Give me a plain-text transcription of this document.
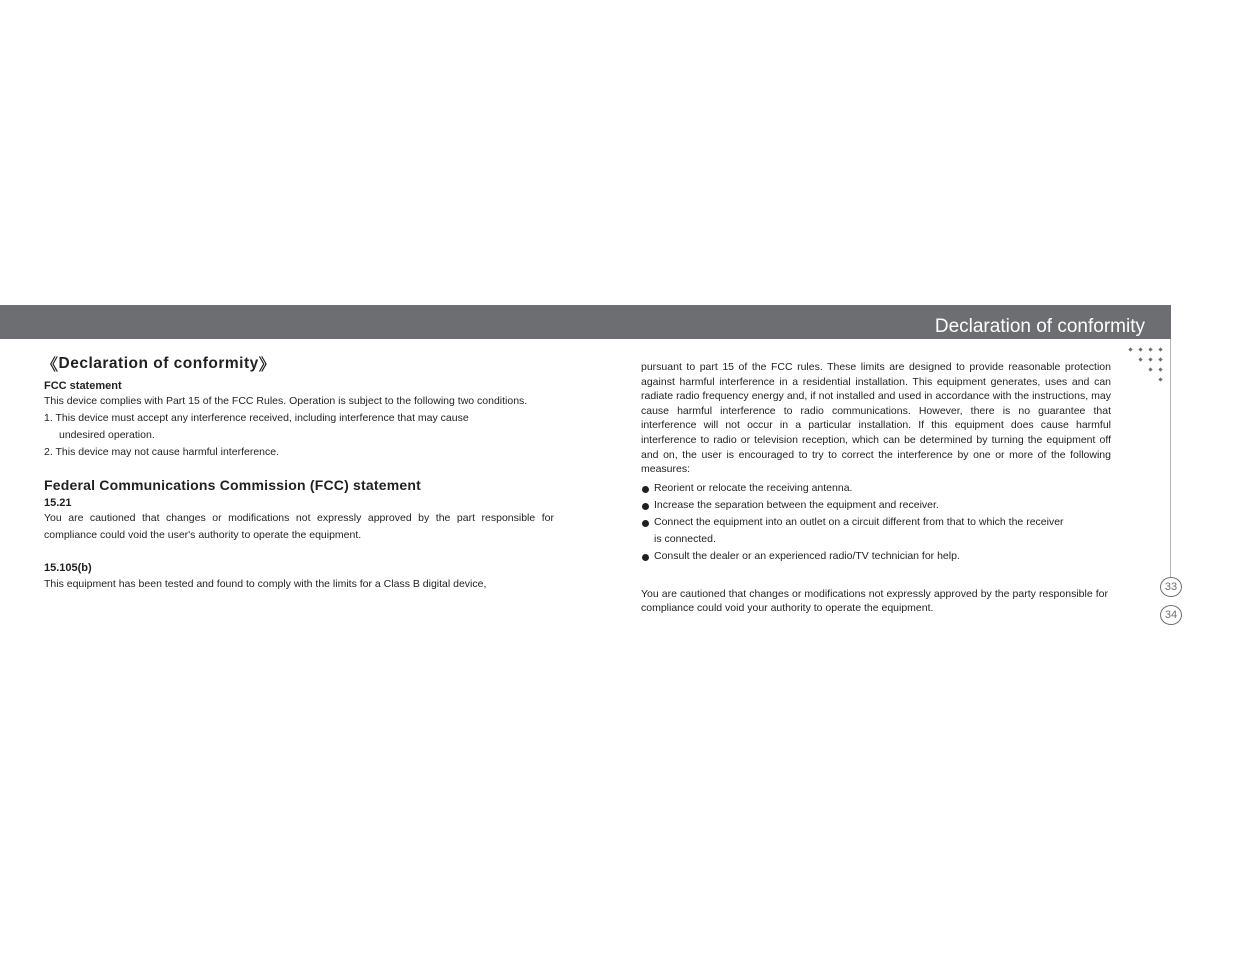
Declaration of conformity
33
34
《 Declaration of conformity 》
FCC statement
This device complies with Part 15 of the FCC Rules. Operation is subject to the following two conditions.
1. This device must accept any interference received, including interference that may cause
undesired operation.
2. This device may not cause harmful interference.
Federal Communications Commission (FCC) statement
15.21
You are cautioned that changes or modifications not expressly approved by the part responsible for compliance could void the user's authority to operate the equipment.
15.105(b)
This equipment has been tested and found to comply with the limits for a Class B digital device,
pursuant to part 15 of the FCC rules. These limits are designed to provide reasonable protection against harmful interference in a residential installation. This equipment generates, uses and can radiate radio frequency energy and, if not installed and used in accordance with the instructions, may cause harmful interference to radio communications. However, there is no guarantee that interference will not occur in a particular installation. If this equipment does cause harmful interference to radio or television reception, which can be determined by turning the equipment off and on, the user is encouraged to try to correct the interference by one or more of the following measures:
Reorient or relocate the receiving antenna.
Increase the separation between the equipment and receiver.
Connect the equipment into an outlet on a circuit different from that to which the receiver
is connected.
Consult the dealer or an experienced radio/TV technician for help.
You are cautioned that changes or modifications not expressly approved by the party responsible for compliance could void your authority to operate the equipment.
